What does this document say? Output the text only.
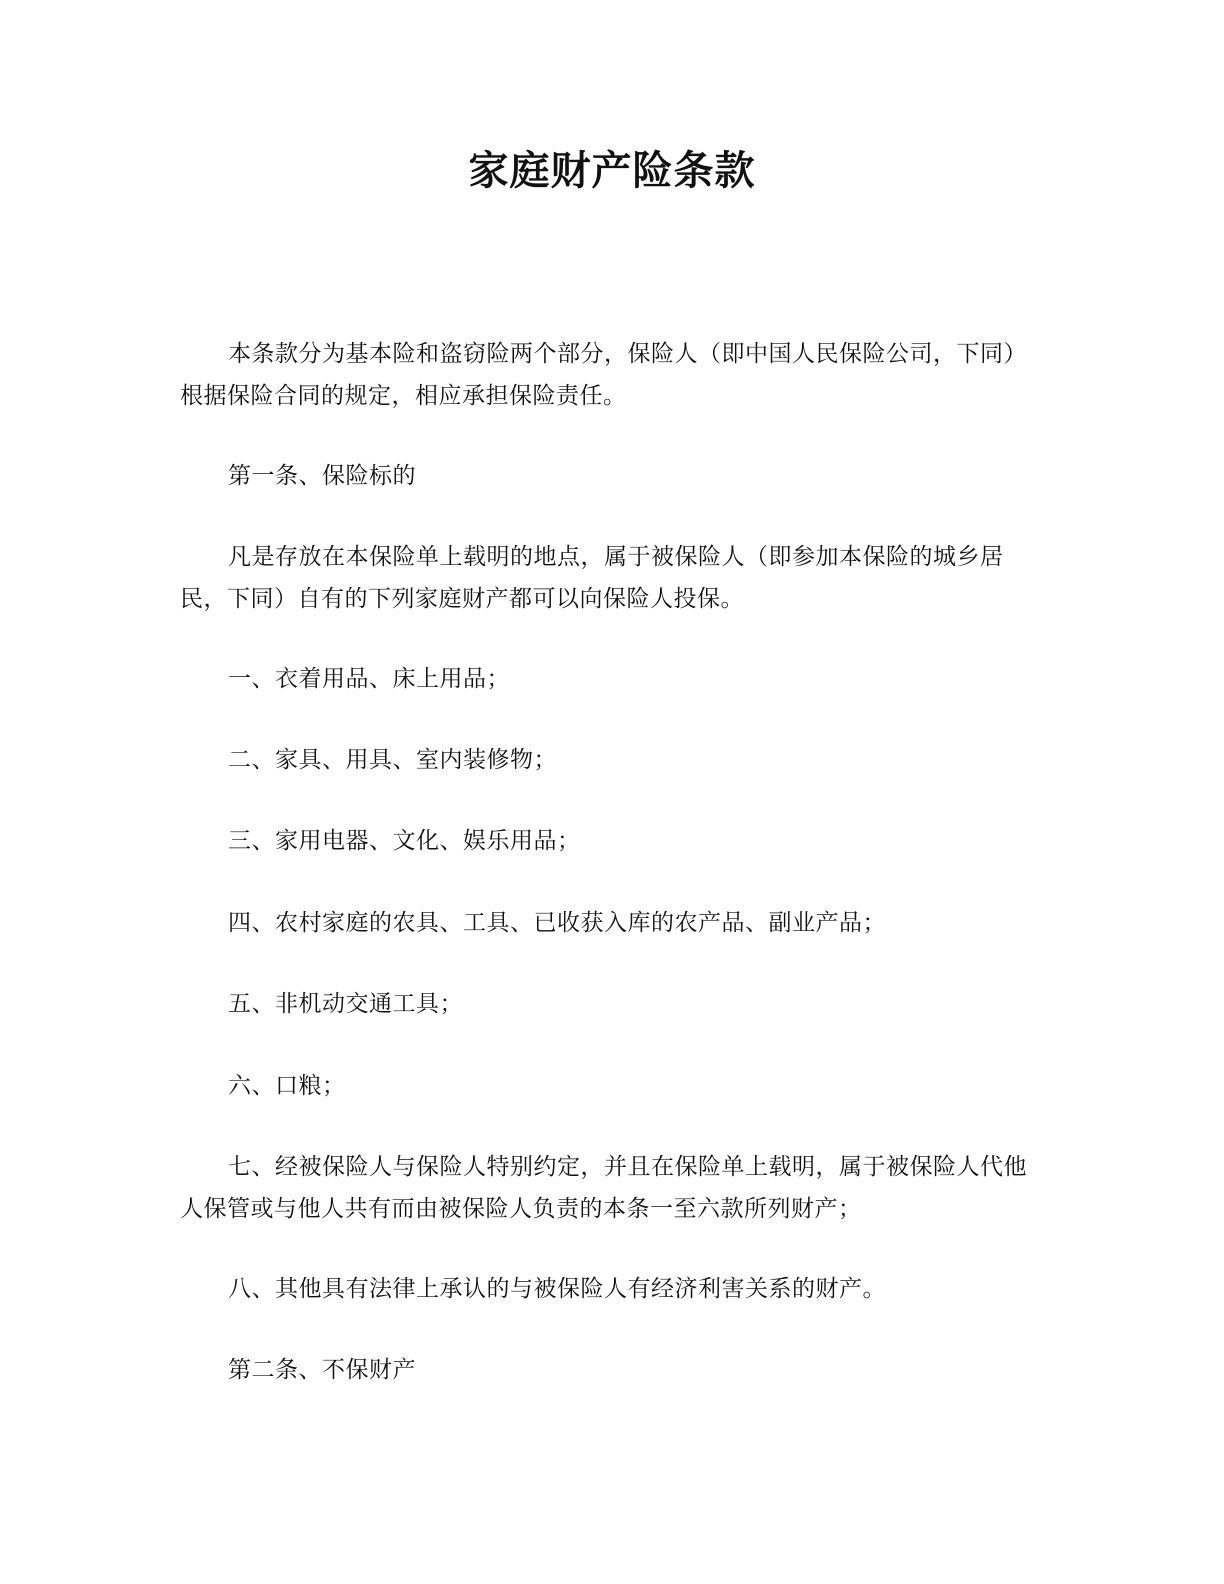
家庭财产险条款

本条款分为基本险和盗窃险两个部分，保险人（即中国人民保险公司，下同）根据保险合同的规定，相应承担保险责任。

第一条、保险标的

凡是存放在本保险单上载明的地点，属于被保险人（即参加本保险的城乡居民，下同）自有的下列家庭财产都可以向保险人投保。

一、衣着用品、床上用品；

二、家具、用具、室内装修物；

三、家用电器、文化、娱乐用品；

四、农村家庭的农具、工具、已收获入库的农产品、副业产品；

五、非机动交通工具；

六、口粮；

七、经被保险人与保险人特别约定，并且在保险单上载明，属于被保险人代他人保管或与他人共有而由被保险人负责的本条一至六款所列财产；

八、其他具有法律上承认的与被保险人有经济利害关系的财产。

第二条、不保财产
